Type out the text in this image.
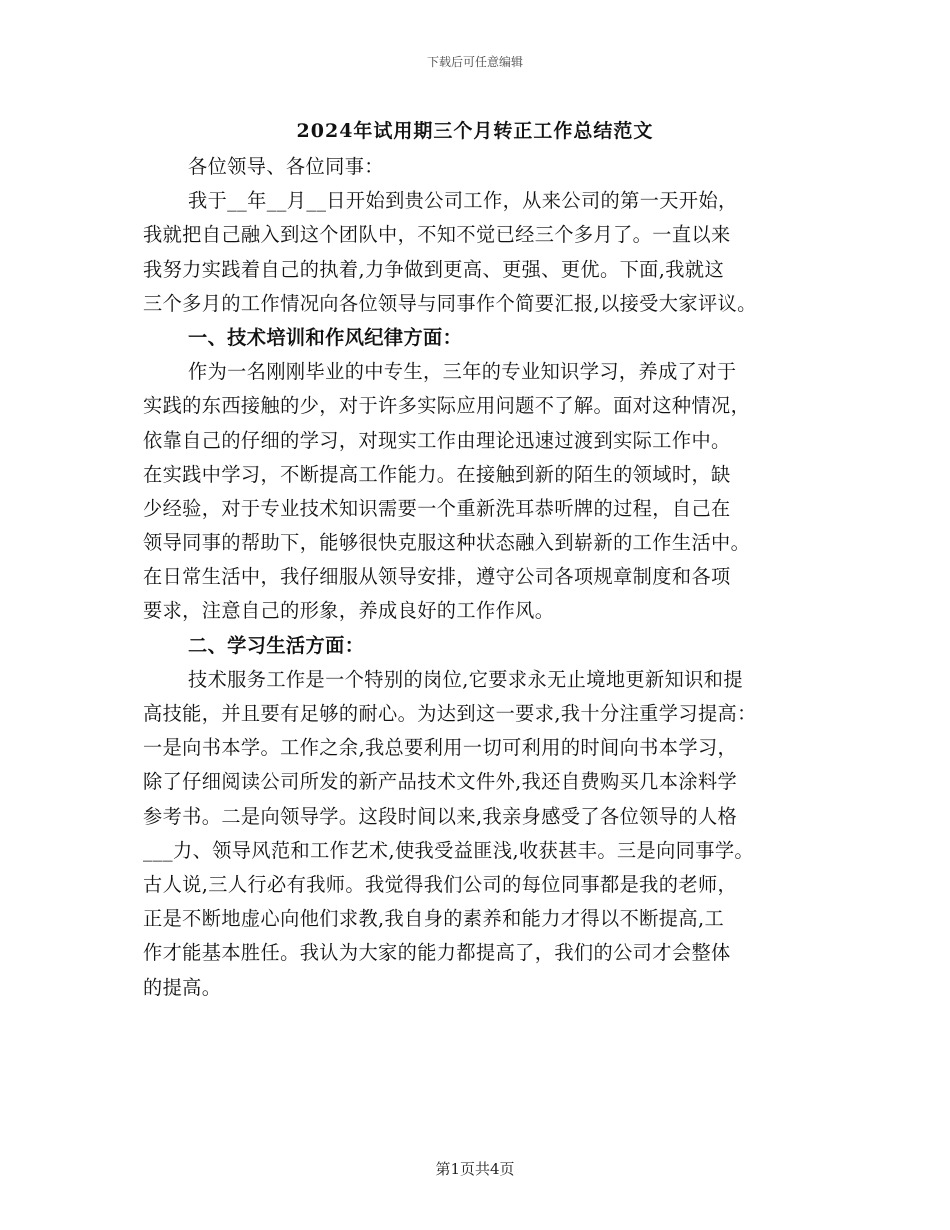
下载后可任意编辑
2024年试用期三个月转正工作总结范文
各位领导、各位同事：
我于__年__月__日开始到贵公司工作，从来公司的第一天开始，
我就把自己融入到这个团队中，不知不觉已经三个多月了。一直以来
我努力实践着自己的执着,力争做到更高、更强、更优。下面,我就这
三个多月的工作情况向各位领导与同事作个简要汇报,以接受大家评议。
一、技术培训和作风纪律方面：
作为一名刚刚毕业的中专生，三年的专业知识学习，养成了对于
实践的东西接触的少，对于许多实际应用问题不了解。面对这种情况，
依靠自己的仔细的学习，对现实工作由理论迅速过渡到实际工作中。
在实践中学习，不断提高工作能力。在接触到新的陌生的领域时，缺
少经验，对于专业技术知识需要一个重新洗耳恭听牌的过程，自己在
领导同事的帮助下，能够很快克服这种状态融入到崭新的工作生活中。
在日常生活中，我仔细服从领导安排，遵守公司各项规章制度和各项
要求，注意自己的形象，养成良好的工作作风。
二、学习生活方面：
技术服务工作是一个特别的岗位,它要求永无止境地更新知识和提
高技能，并且要有足够的耐心。为达到这一要求,我十分注重学习提高：
一是向书本学。工作之余,我总要利用一切可利用的时间向书本学习，
除了仔细阅读公司所发的新产品技术文件外,我还自费购买几本涂料学
参考书。二是向领导学。这段时间以来,我亲身感受了各位领导的人格
___力、领导风范和工作艺术,使我受益匪浅,收获甚丰。三是向同事学。
古人说,三人行必有我师。我觉得我们公司的每位同事都是我的老师，
正是不断地虚心向他们求教,我自身的素养和能力才得以不断提高,工
作才能基本胜任。我认为大家的能力都提高了，我们的公司才会整体
的提高。
第1页共4页
